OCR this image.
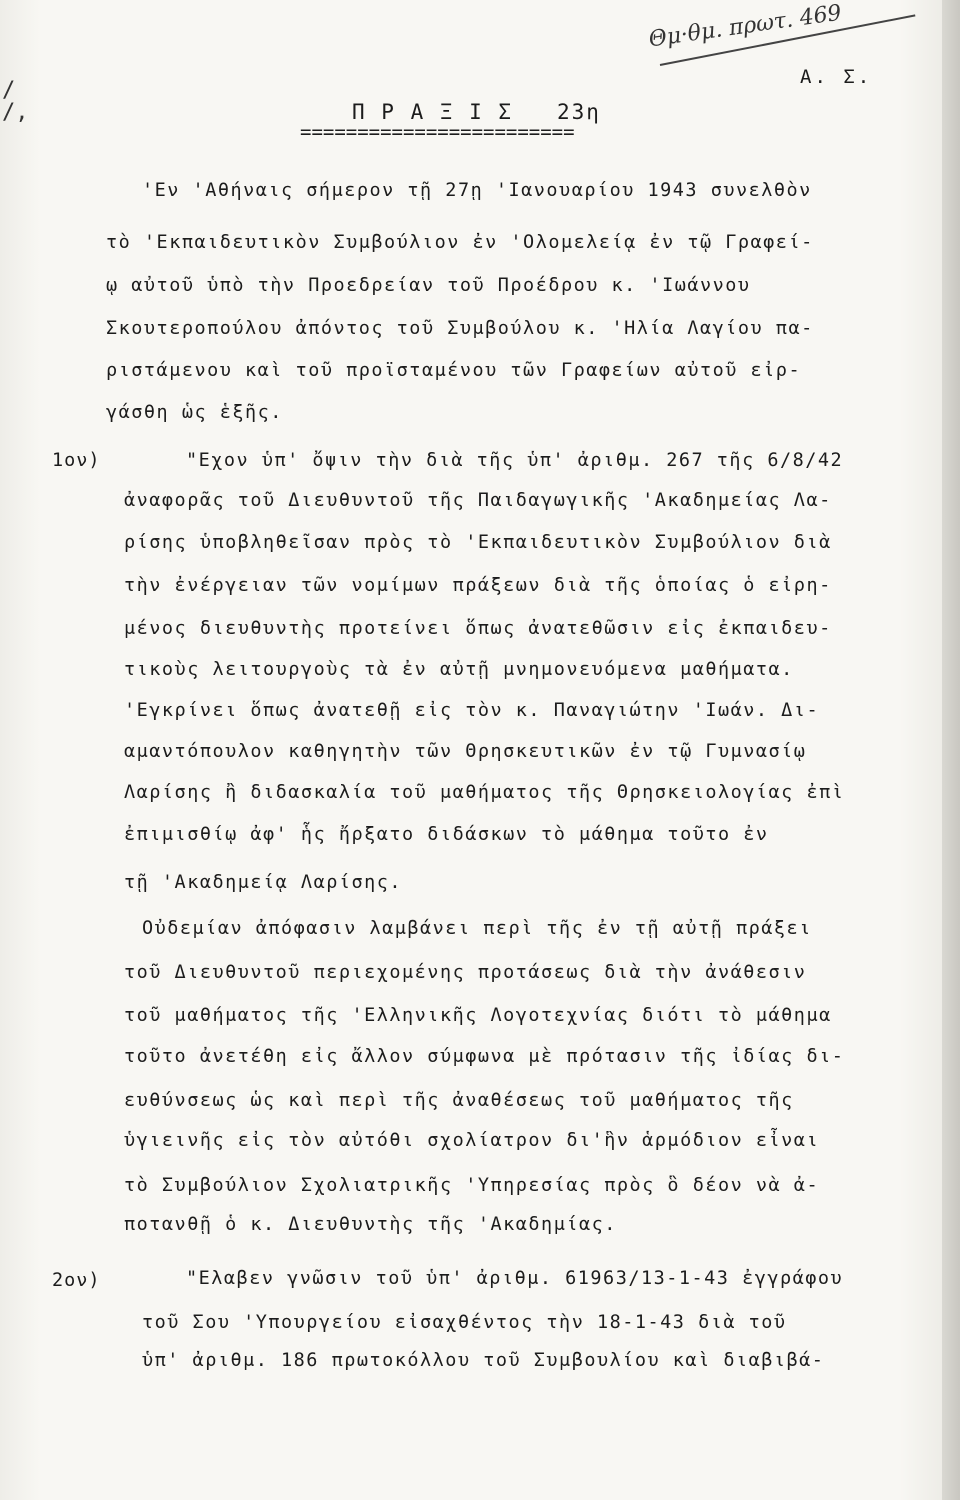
Θμ·θμ. πρωτ. 469
Α. Σ.
/
/,	Π Ρ Α Ξ Ι Σ   23η
========================
'Εν 'Αθήναις σήμερον τῇ 27ῃ 'Ιανουαρίου 1943 συνελθὸν
τὸ 'Εκπαιδευτικὸν Συμβούλιον ἐν 'Ολομελείᾳ ἐν τῷ Γραφεί-
ῳ αὐτοῦ ὑπὸ τὴν Προεδρείαν τοῦ Προέδρου κ. 'Ιωάννου
Σκουτεροπούλου ἀπόντος τοῦ Συμβούλου κ. 'Ηλία Λαγίου πα-
ριστάμενου καὶ τοῦ προϊσταμένου τῶν Γραφείων αὐτοῦ εἰρ-
γάσθη ὡς ἑξῆς.
1ον)	"Εχον ὑπ' ὄψιν τὴν διὰ τῆς ὑπ' ἀριθμ. 267 τῆς 6/8/42
ἀναφορᾶς τοῦ Διευθυντοῦ τῆς Παιδαγωγικῆς 'Ακαδημείας Λα-
ρίσης ὑποβληθεῖσαν πρὸς τὸ 'Εκπαιδευτικὸν Συμβούλιον διὰ
τὴν ἐνέργειαν τῶν νομίμων πράξεων διὰ τῆς ὁποίας ὁ εἰρη-
μένος διευθυντὴς προτείνει ὅπως ἀνατεθῶσιν εἰς ἐκπαιδευ-
τικοὺς λειτουργοὺς τὰ ἐν αὐτῇ μνημονευόμενα μαθήματα.
'Εγκρίνει ὅπως ἀνατεθῇ εἰς τὸν κ. Παναγιώτην 'Ιωάν. Δι-
αμαντόπουλον καθηγητὴν τῶν Θρησκευτικῶν ἐν τῷ Γυμνασίῳ
Λαρίσης ἢ διδασκαλία τοῦ μαθήματος τῆς Θρησκειολογίας ἐπὶ
ἐπιμισθίῳ ἀφ' ἧς ἤρξατο διδάσκων τὸ μάθημα τοῦτο ἐν
τῇ 'Ακαδημείᾳ Λαρίσης.
Οὐδεμίαν ἀπόφασιν λαμβάνει περὶ τῆς ἐν τῇ αὐτῇ πράξει
τοῦ Διευθυντοῦ περιεχομένης προτάσεως διὰ τὴν ἀνάθεσιν
τοῦ μαθήματος τῆς 'Ελληνικῆς Λογοτεχνίας διότι τὸ μάθημα
τοῦτο ἀνετέθη εἰς ἄλλον σύμφωνα μὲ πρότασιν τῆς ἰδίας δι-
ευθύνσεως ὡς καὶ περὶ τῆς ἀναθέσεως τοῦ μαθήματος τῆς
ὑγιεινῆς εἰς τὸν αὐτόθι σχολίατρον δι'ἣν ἁρμόδιον εἶναι
τὸ Συμβούλιον Σχολιατρικῆς 'Υπηρεσίας πρὸς ὃ δέον νὰ ἀ-
ποτανθῇ ὁ κ. Διευθυντὴς τῆς 'Ακαδημίας.
2ον)	"Ελαβεν γνῶσιν τοῦ ὑπ' ἀριθμ. 61963/13-1-43 ἐγγράφου
τοῦ Σου 'Υπουργείου εἰσαχθέντος τὴν 18-1-43 διὰ τοῦ
ὑπ' ἀριθμ. 186 πρωτοκόλλου τοῦ Συμβουλίου καὶ διαβιβά-
